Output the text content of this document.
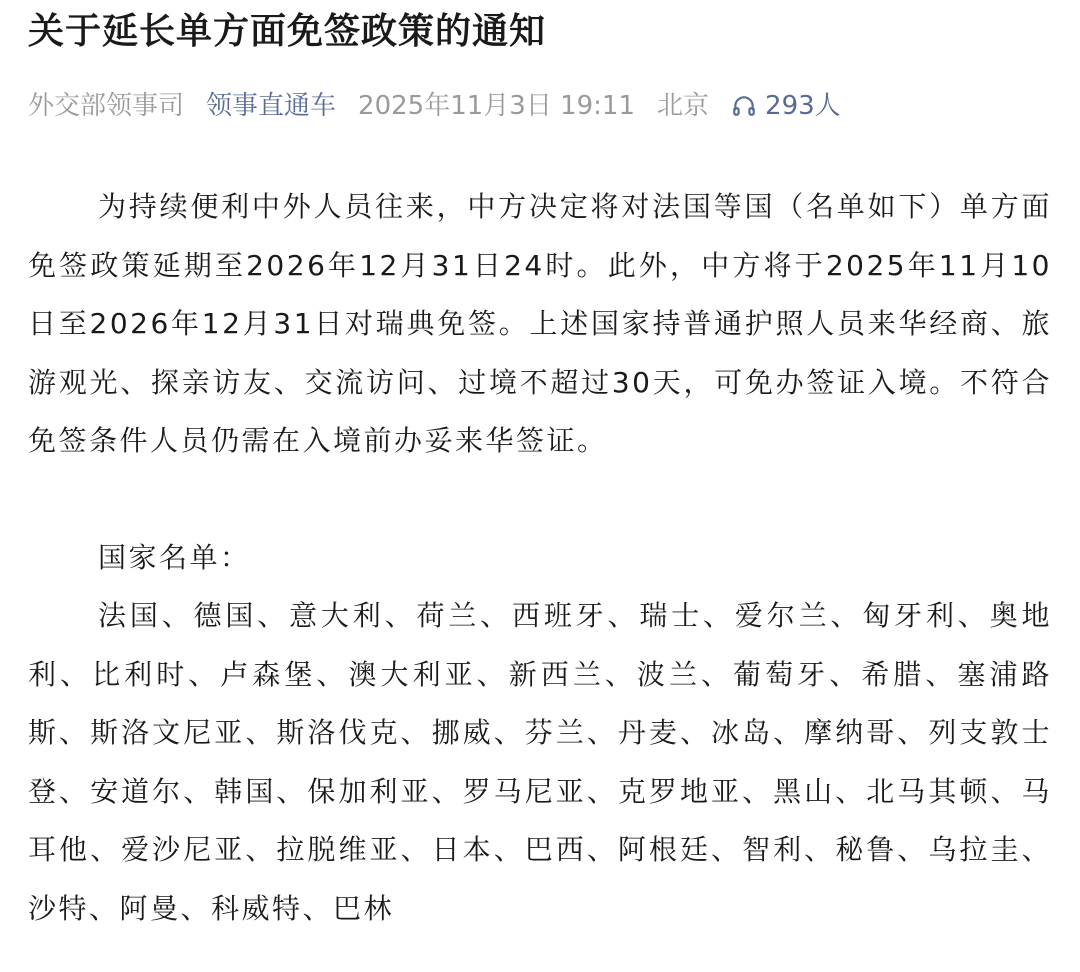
关于延长单方面免签政策的通知
外交部领事司 领事直通车 2025年11月3日 19:11 北京 293人

为持续便利中外人员往来，中方决定将对法国等国（名单如下）单方面免签政策延期至2026年12月31日24时。此外，中方将于2025年11月10日至2026年12月31日对瑞典免签。上述国家持普通护照人员来华经商、旅游观光、探亲访友、交流访问、过境不超过30天，可免办签证入境。不符合免签条件人员仍需在入境前办妥来华签证。

国家名单：

法国、德国、意大利、荷兰、西班牙、瑞士、爱尔兰、匈牙利、奥地利、比利时、卢森堡、澳大利亚、新西兰、波兰、葡萄牙、希腊、塞浦路斯、斯洛文尼亚、斯洛伐克、挪威、芬兰、丹麦、冰岛、摩纳哥、列支敦士登、安道尔、韩国、保加利亚、罗马尼亚、克罗地亚、黑山、北马其顿、马耳他、爱沙尼亚、拉脱维亚、日本、巴西、阿根廷、智利、秘鲁、乌拉圭、沙特、阿曼、科威特、巴林
